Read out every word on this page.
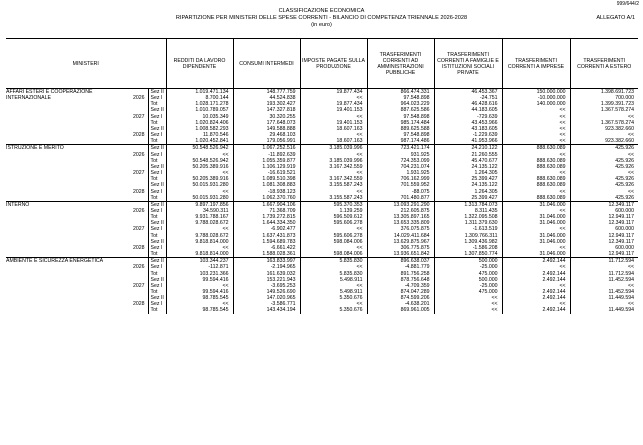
999/644/2
CLASSIFICAZIONE ECONOMICA
RIPARTIZIONE PER MINISTERI DELLE SPESE CORRENTI - BILANCIO DI COMPETENZA TRIENNALE 2026-2028
(in euro)
ALLEGATO A/1
MINISTERI			REDDITI DA LAVORO DIPENDENTE	CONSUMI INTERMEDI	IMPOSTE PAGATE SULLA PRODUZIONE	TRASFERIMENTI CORRENTI AD AMMINISTRAZIONI PUBBLICHE	TRASFERIMENTI CORRENTI A FAMIGLIE E ISTITUZIONI SOCIALI PRIVATE	TRASFERIMENTI CORRENTI A IMPRESE	TRASFERIMENTI CORRENTI A ESTERO
AFFARI ESTERI E COOPERAZIONE INTERNAZIONALE		Sez II	1.019.471.134	148.777.759	19.877.434	866.474.331	46.453.367	150.000.000	1.398.691.723
	2026	Sez I	8.700.144	44.524.838	<<	97.548.898	-24.751	-10.000.000	700.000
		Tot	1.028.171.278	193.302.427	19.877.434	964.023.229	46.428.616	140.000.000	1.399.391.723
		Sez II	1.010.789.057	147.327.818	19.401.153	887.625.586	44.183.605	<<	1.367.578.274
	2027	Sez I	10.035.349	30.320.255	<<	97.548.898	-729.639	<<	<<
		Tot	1.020.824.406	177.648.073	19.401.153	985.174.484	43.453.966	<<	1.367.578.274
		Sez II	1.008.582.293	149.588.888	18.607.163	889.625.588	43.183.605	<<	923.382.660
	2028	Sez I	11.870.546	29.468.103	<<	97.548.898	-1.229.639	<<	<<
		Tot	1.020.452.841	179.056.991	18.607.163	987.174.486	41.953.966	<<	923.382.660
ISTRUZIONE E MERITO		Sez II	50.548.526.942	1.067.252.516	3.185.039.996	723.421.174	24.210.122	888.630.089	425.926
	2026	Sez I	<<	-11.892.639	<<	931.925	21.260.555	<<	<<
		Tot	50.548.526.942	1.055.359.877	3.185.039.996	724.353.099	45.470.677	888.630.089	425.926
		Sez II	50.205.389.916	1.106.129.919	3.167.342.559	704.231.074	24.135.122	888.630.089	425.926
	2027	Sez I	<<	-16.619.521	<<	1.931.925	1.264.305	<<	<<
		Tot	50.205.389.916	1.089.510.398	3.167.342.559	706.162.999	25.399.427	888.630.089	425.926
		Sez II	50.015.931.280	1.081.308.883	3.155.587.243	701.559.952	24.135.122	888.630.089	425.926
	2028	Sez I	<<	-18.938.123	<<	-88.075	1.264.305	<<	<<
		Tot	50.015.931.280	1.062.370.760	3.155.587.243	701.480.877	25.399.427	888.630.089	425.926
INTERNO		Sez II	9.897.197.856	1.667.904.106	595.370.353	13.093.291.290	1.313.784.073	31.046.000	12.349.117
	2026	Sez I	34.590.311	71.368.709	1.139.259	212.605.875	8.311.435	<<	600.000
		Tot	9.931.788.167	1.739.272.815	596.509.612	13.305.897.165	1.322.095.508	31.046.000	12.949.117
		Sez II	9.788.028.672	1.644.334.350	595.606.278	13.653.335.809	1.311.379.630	31.046.000	12.349.117
	2027	Sez I	<<	-6.902.477	<<	376.075.875	-1.613.519	<<	600.000
		Tot	9.788.028.672	1.637.431.873	595.606.278	14.029.411.684	1.309.766.311	31.046.000	12.949.117
		Sez II	9.818.814.000	1.594.689.783	598.084.006	13.629.875.967	1.309.436.982	31.046.000	12.349.117
	2028	Sez I	<<	-6.661.422	<<	306.775.875	-1.586.208	<<	600.000
		Tot	9.818.814.000	1.588.028.361	598.084.006	13.936.651.842	1.307.850.774	31.046.000	12.949.117
AMBIENTE E SICUREZZA ENERGETICA		Sez II	103.344.237	163.833.997	5.835.830	896.638.037	500.000	2.492.144	11.712.594
	2026	Sez I	-112.871	-2.194.965	<<	-4.881.779	-25.000	<<	<<
		Tot	103.231.366	161.639.032	5.835.830	891.756.258	475.000	2.492.144	11.712.594
		Sez II	99.594.416	153.221.943	5.498.911	878.756.648	500.000	2.492.144	11.452.594
	2027	Sez I	<<	-3.695.253	<<	-4.709.359	-25.000	<<	<<
		Tot	99.594.416	149.526.690	5.498.911	874.047.289	475.000	2.492.144	11.452.594
		Sez II	98.785.545	147.020.965	5.350.676	874.599.206	<<	2.492.144	11.449.594
	2028	Sez I	<<	-3.586.771	<<	-4.638.201	<<	<<	<<
		Tot	98.785.545	143.434.194	5.350.676	869.961.005	<<	2.492.144	11.449.594
